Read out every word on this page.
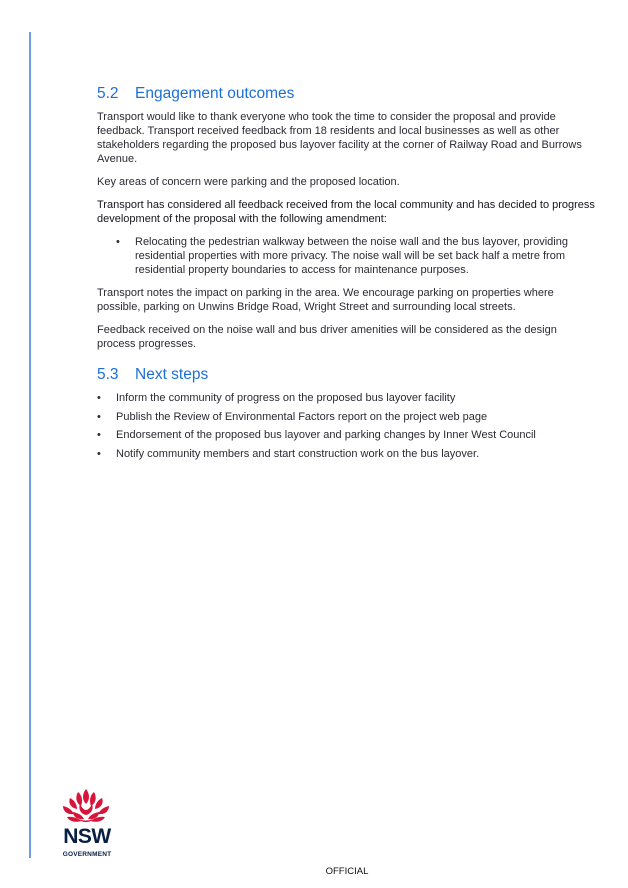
5.2	Engagement outcomes

Transport would like to thank everyone who took the time to consider the proposal and provide feedback. Transport received feedback from 18 residents and local businesses as well as other stakeholders regarding the proposed bus layover facility at the corner of Railway Road and Burrows Avenue.

Key areas of concern were parking and the proposed location.

Transport has considered all feedback received from the local community and has decided to progress development of the proposal with the following amendment:

•	Relocating the pedestrian walkway between the noise wall and the bus layover, providing residential properties with more privacy. The noise wall will be set back half a metre from residential property boundaries to access for maintenance purposes.

Transport notes the impact on parking in the area. We encourage parking on properties where possible, parking on Unwins Bridge Road, Wright Street and surrounding local streets.

Feedback received on the noise wall and bus driver amenities will be considered as the design process progresses.

5.3	Next steps
•	Inform the community of progress on the proposed bus layover facility
•	Publish the Review of Environmental Factors report on the project web page
•	Endorsement of the proposed bus layover and parking changes by Inner West Council
•	Notify community members and start construction work on the bus layover.
NSW
GOVERNMENT
OFFICIAL
